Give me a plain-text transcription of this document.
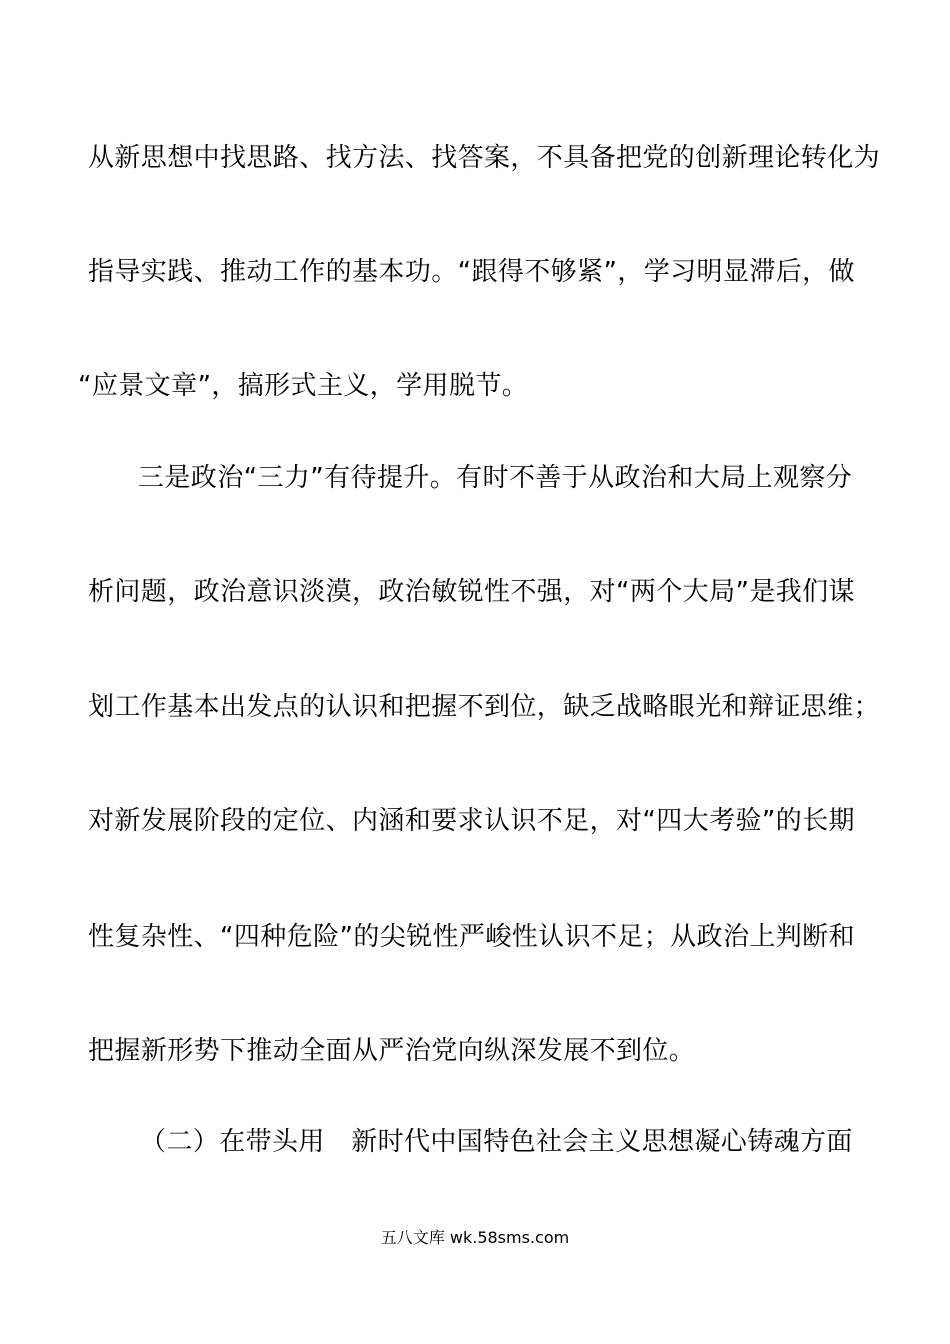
从新思想中找思路、找方法、找答案，不具备把党的创新理论转化为
指导实践、推动工作的基本功。“跟得不够紧”，学习明显滞后，做
“应景文章”，搞形式主义，学用脱节。
三是政治“三力”有待提升。有时不善于从政治和大局上观察分
析问题，政治意识淡漠，政治敏锐性不强，对“两个大局”是我们谋
划工作基本出发点的认识和把握不到位，缺乏战略眼光和辩证思维；
对新发展阶段的定位、内涵和要求认识不足，对“四大考验”的长期
性复杂性、“四种危险”的尖锐性严峻性认识不足；从政治上判断和
把握新形势下推动全面从严治党向纵深发展不到位。
（二）在带头用　新时代中国特色社会主义思想凝心铸魂方面
五八文库 wk.58sms.com
